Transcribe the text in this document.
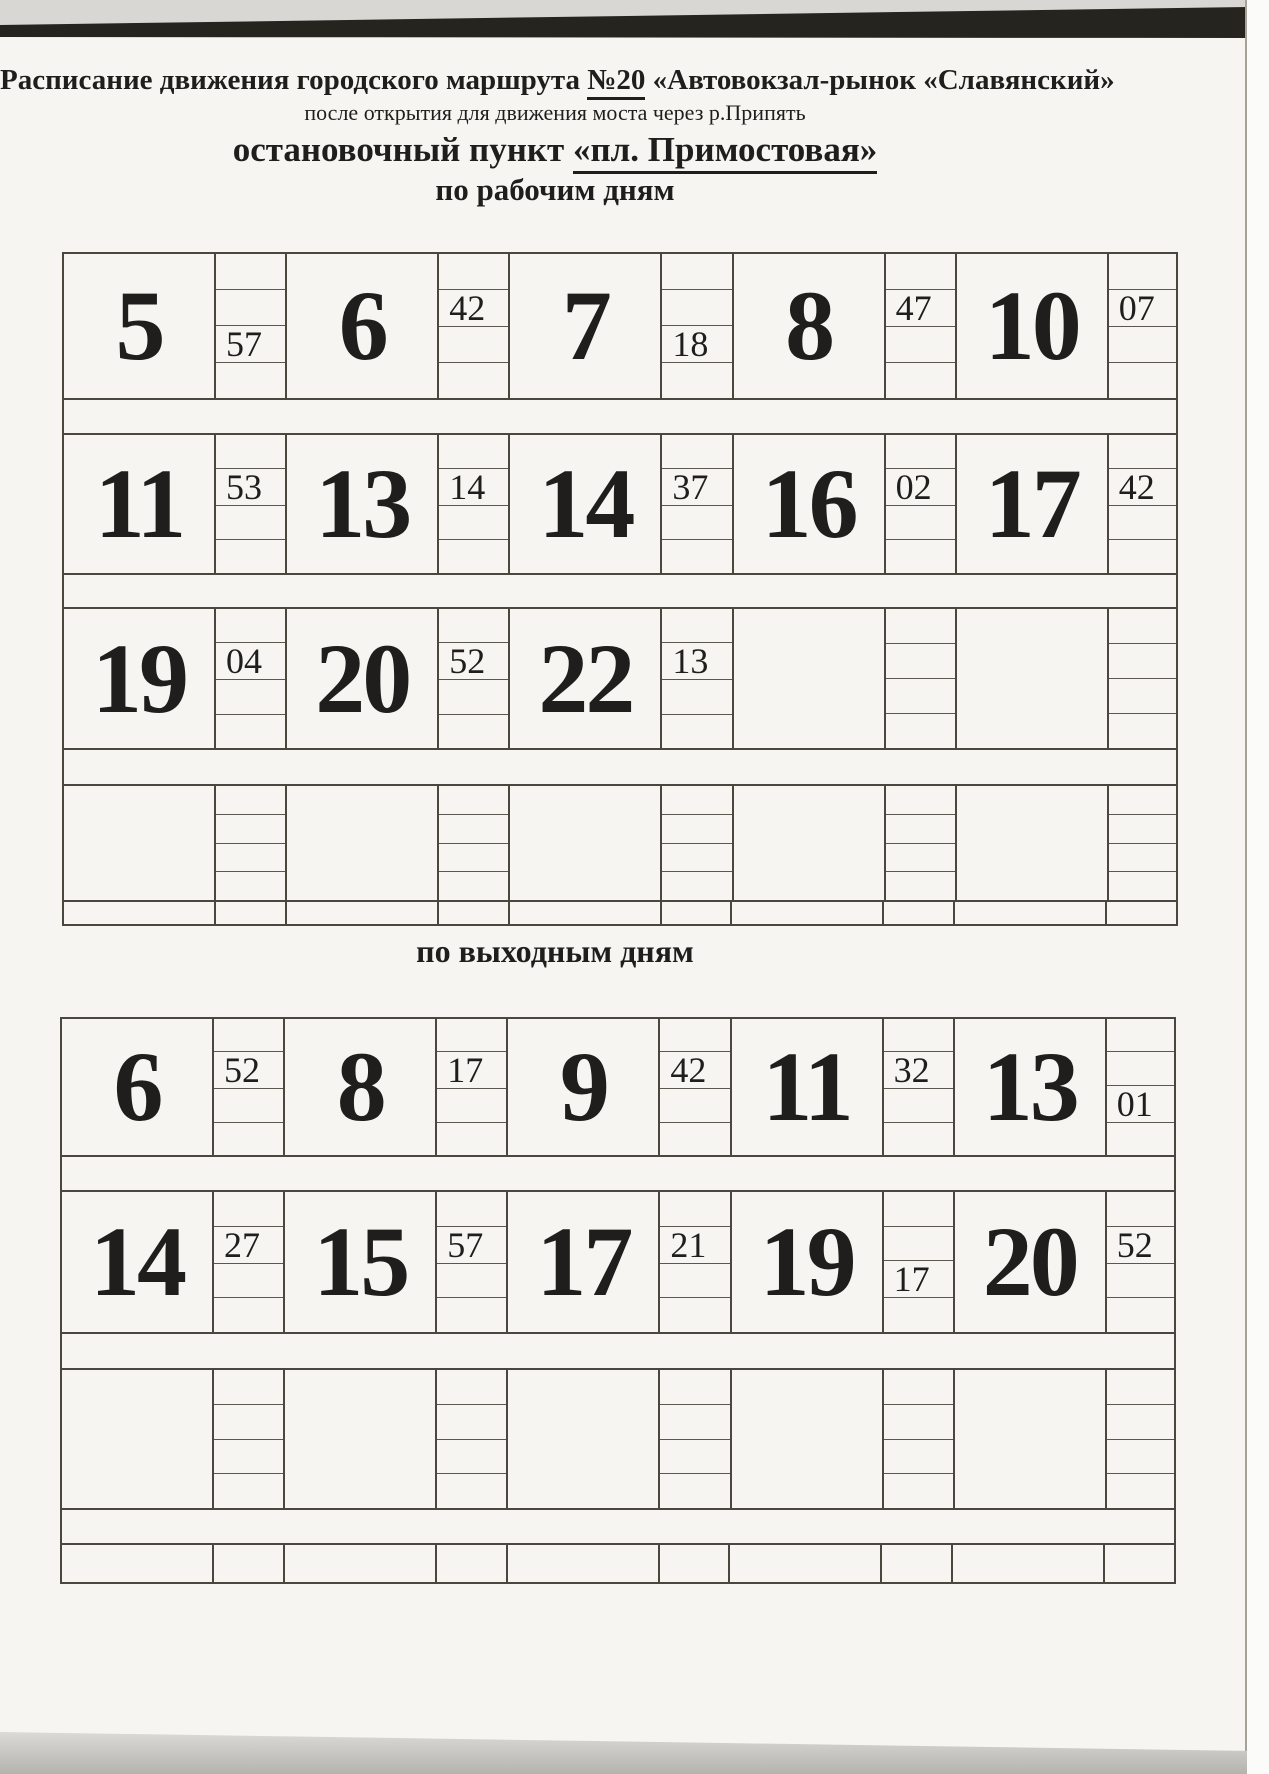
Расписание движения городского маршрута №20 «Автовокзал-рынок «Славянский»
после открытия для движения моста через р.Припять
остановочный пункт «пл. Примостовая»
по рабочим дням
5	57 6	42 7	18 8	47 10	07
11	53 13	14 14	37 16	02 17	42
19	04 20	52 22	13
по выходным дням
6	52 8	17 9	42 11	32 13	01
14	27 15	57 17	21 19	17 20	52
